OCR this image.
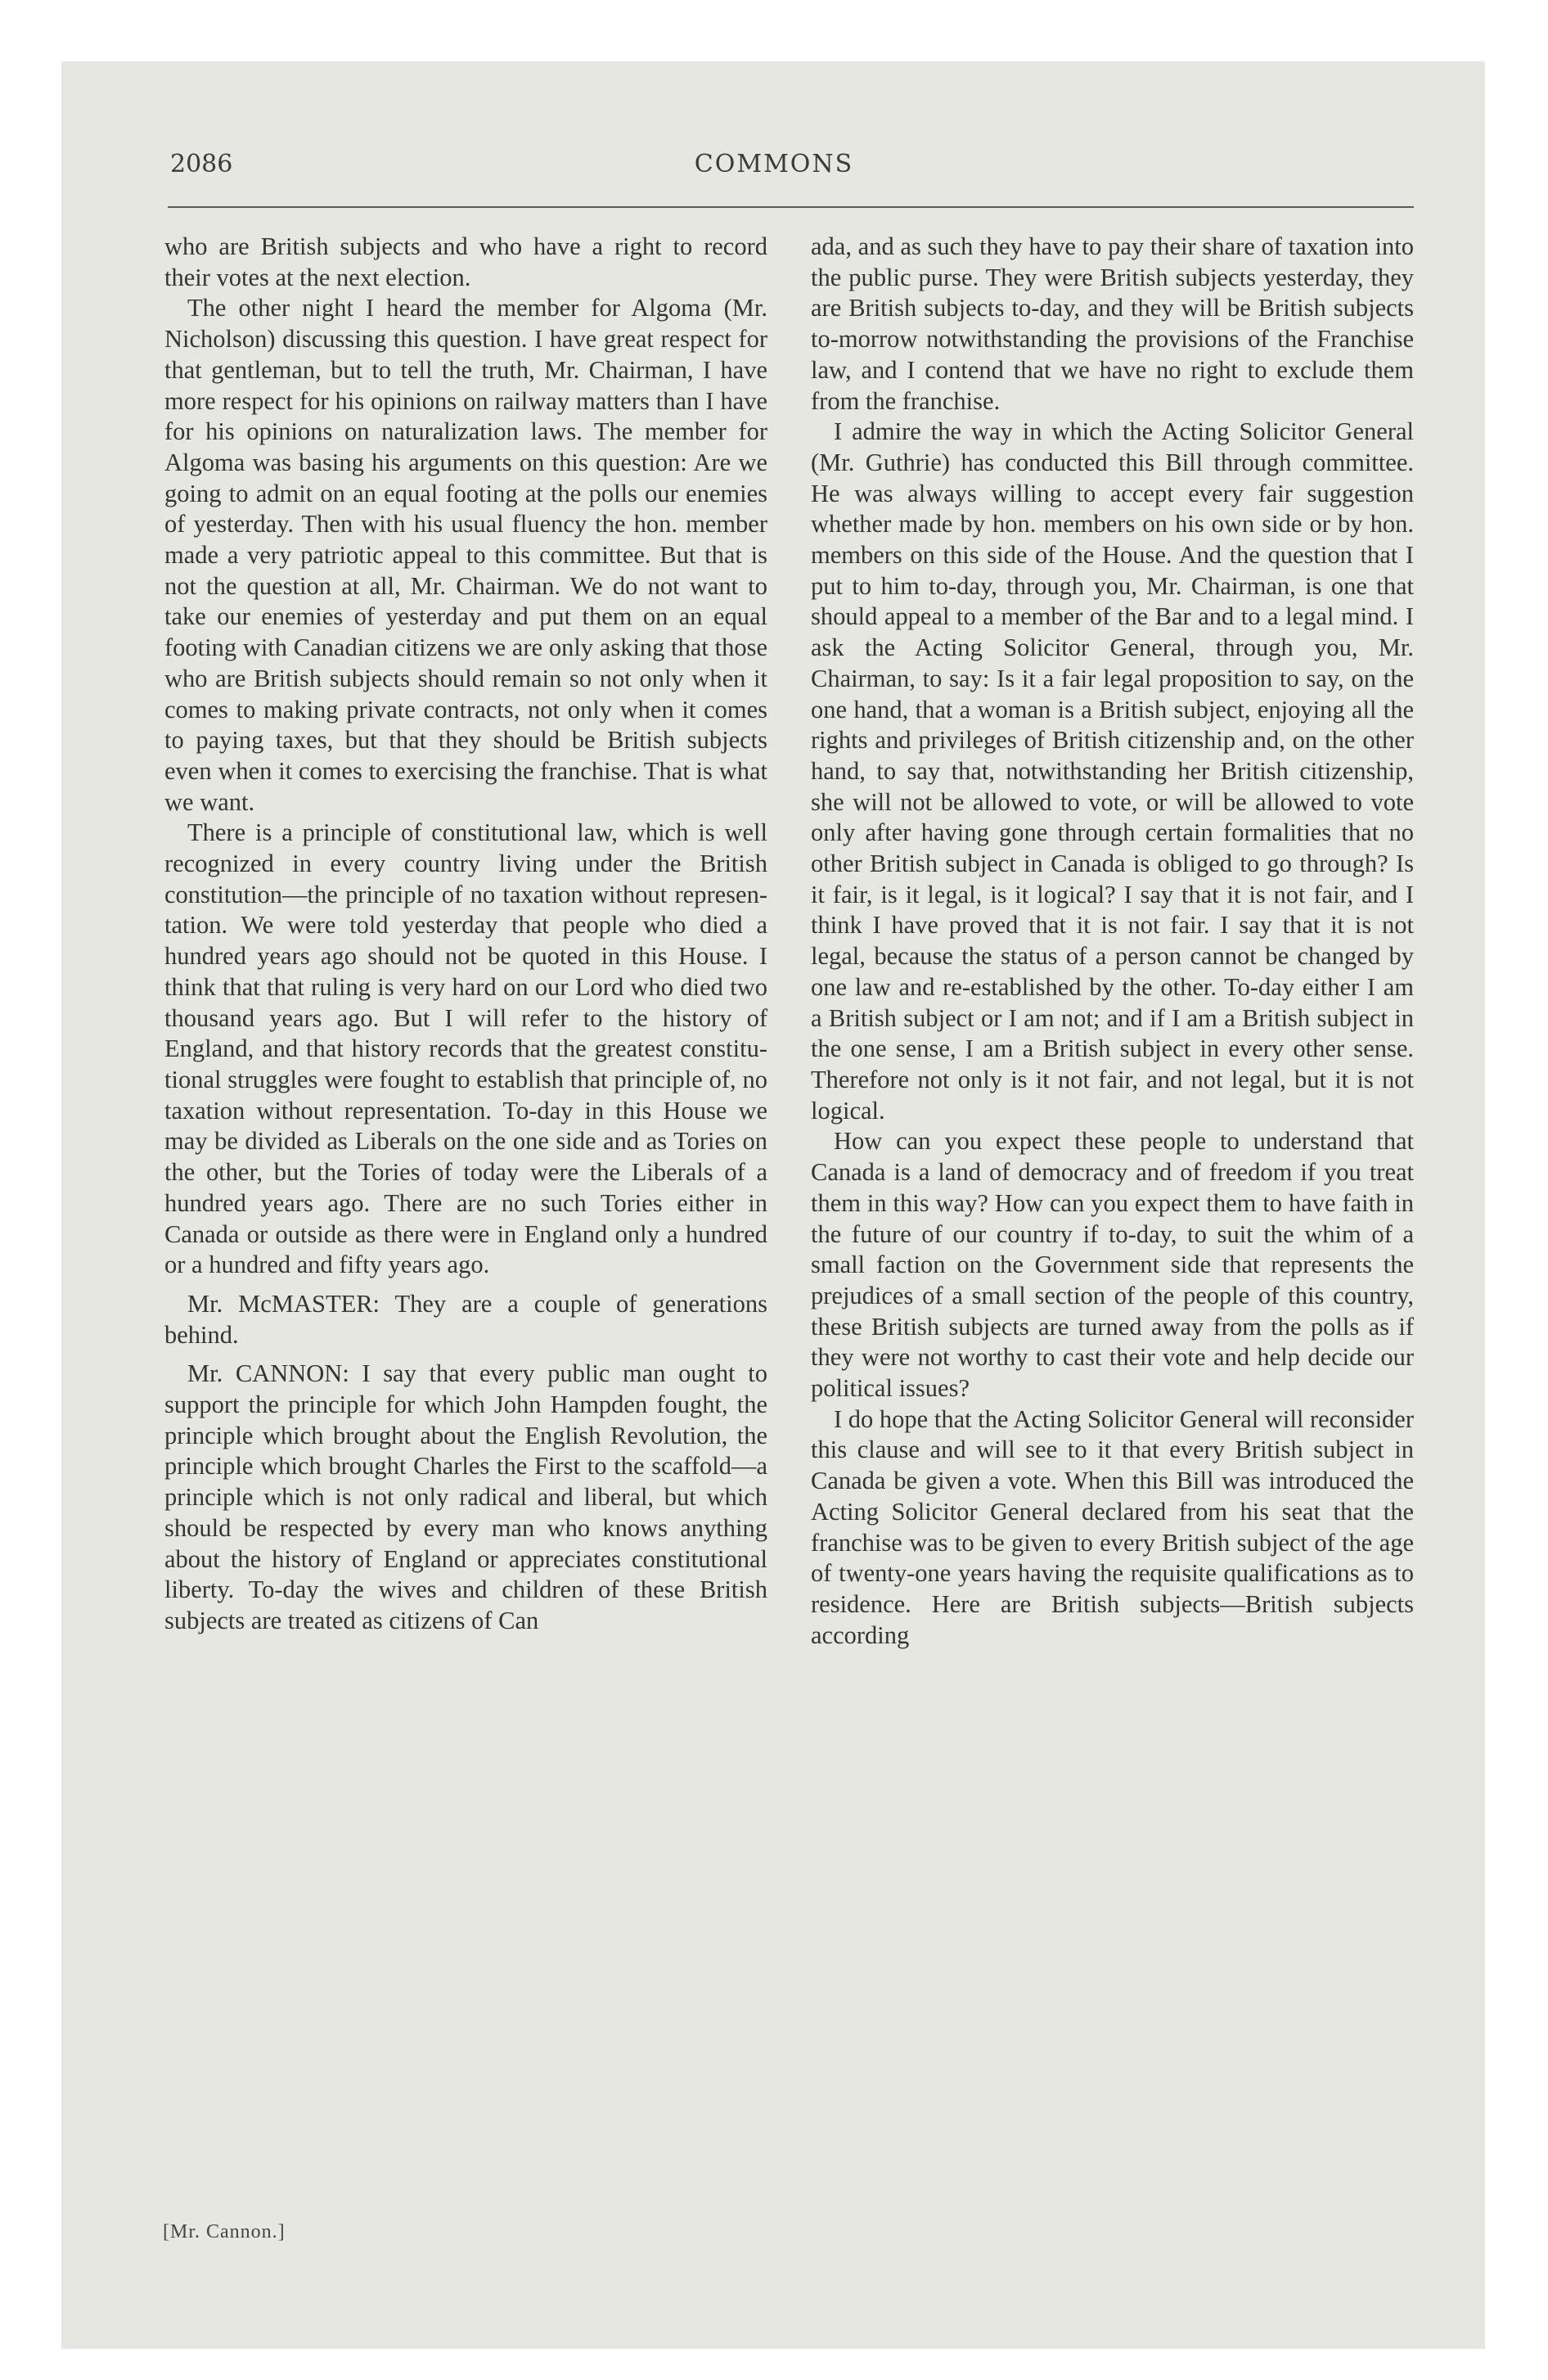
2086	COMMONS

who are British subjects and who have a right to record their votes at the next election.

The other night I heard the member for Algoma (Mr. Nicholson) discussing this question. I have great respect for that gentleman, but to tell the truth, Mr. Chairman, I have more respect for his opinions on railway matters than I have for his opinions on naturalization laws. The member for Algoma was basing his arguments on this question: Are we going to admit on an equal footing at the polls our enemies of yesterday. Then with his usual fluency the hon. member made a very patriotic appeal to this committee. But that is not the question at all, Mr. Chairman. We do not want to take our enemies of yesterday and put them on an equal footing with Canadian citizens we are only asking that those who are British subjects should remain so not only when it comes to making private contracts, not only when it comes to paying taxes, but that they should be British subjects even when it comes to exercising the franchise. That is what we want.

There is a principle of constitutional law, which is well recognized in every country living under the British constitution—the principle of no taxation without representation. We were told yesterday that people who died a hundred years ago should not be quoted in this House. I think that that ruling is very hard on our Lord who died two thousand years ago. But I will refer to the history of England, and that history records that the greatest constitutional struggles were fought to establish that principle of, no taxation without representation. To-day in this House we may be divided as Liberals on the one side and as Tories on the other, but the Tories of today were the Liberals of a hundred years ago. There are no such Tories either in Canada or outside as there were in England only a hundred or a hundred and fifty years ago.

Mr. McMASTER: They are a couple of generations behind.

Mr. CANNON: I say that every public man ought to support the principle for which John Hampden fought, the principle which brought about the English Revolution, the principle which brought Charles the First to the scaffold—a principle which is not only radical and liberal, but which should be respected by every man who knows anything about the history of England or appreciates constitutional liberty. To-day the wives and children of these British subjects are treated as citizens of Can

ada, and as such they have to pay their share of taxation into the public purse. They were British subjects yesterday, they are British subjects to-day, and they will be British subjects to-morrow notwithstanding the provisions of the Franchise law, and I contend that we have no right to exclude them from the franchise.

I admire the way in which the Acting Solicitor General (Mr. Guthrie) has conducted this Bill through committee. He was always willing to accept every fair suggestion whether made by hon. members on his own side or by hon. members on this side of the House. And the question that I put to him to-day, through you, Mr. Chairman, is one that should appeal to a member of the Bar and to a legal mind. I ask the Acting Solicitor General, through you, Mr. Chairman, to say: Is it a fair legal proposition to say, on the one hand, that a woman is a British subject, enjoying all the rights and privileges of British citizenship and, on the other hand, to say that, notwithstanding her British citizenship, she will not be allowed to vote, or will be allowed to vote only after having gone through certain formalities that no other British subject in Canada is obliged to go through? Is it fair, is it legal, is it logical? I say that it is not fair, and I think I have proved that it is not fair. I say that it is not legal, because the status of a person cannot be changed by one law and re-established by the other. To-day either I am a British subject or I am not; and if I am a British subject in the one sense, I am a British subject in every other sense. Therefore not only is it not fair, and not legal, but it is not logical.

How can you expect these people to understand that Canada is a land of democracy and of freedom if you treat them in this way? How can you expect them to have faith in the future of our country if to-day, to suit the whim of a small faction on the Government side that represents the prejudices of a small section of the people of this country, these British subjects are turned away from the polls as if they were not worthy to cast their vote and help decide our political issues?

I do hope that the Acting Solicitor General will reconsider this clause and will see to it that every British subject in Canada be given a vote. When this Bill was introduced the Acting Solicitor General declared from his seat that the franchise was to be given to every British subject of the age of twenty-one years having the requisite qualifications as to residence. Here are British subjects—British subjects according

[Mr. Cannon.]
